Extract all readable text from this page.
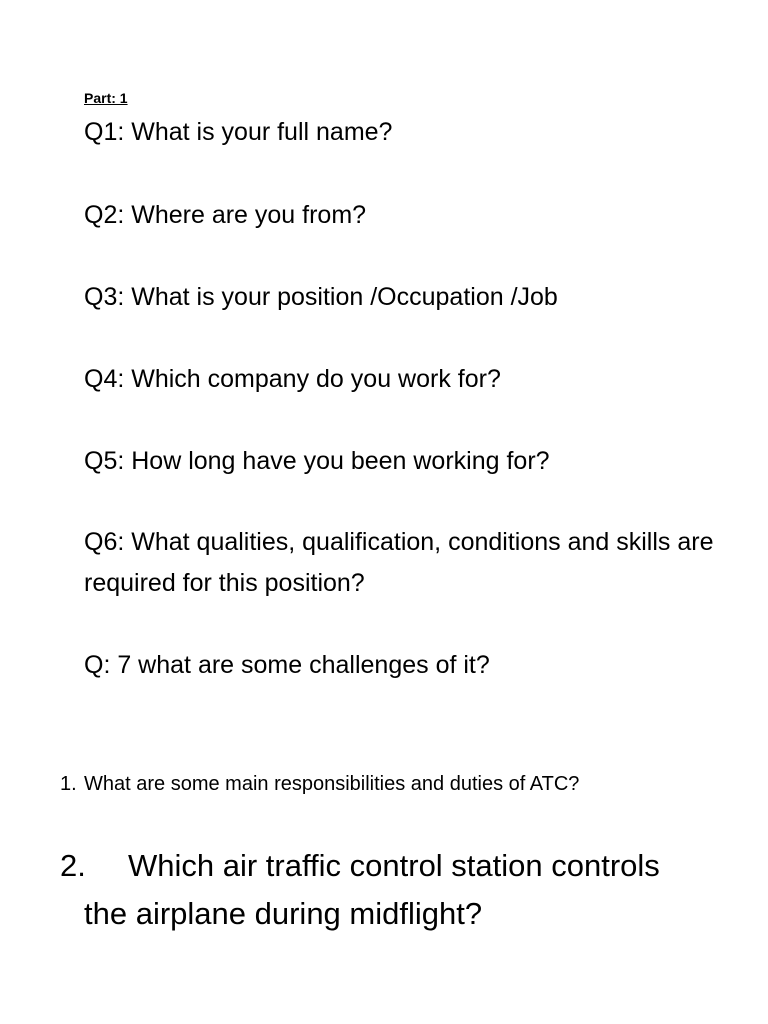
Part: 1
Q1: What is your full name?
Q2: Where are you from?
Q3: What is your position /Occupation /Job
Q4: Which company do you work for?
Q5: How long have you been working for?
Q6: What qualities, qualification, conditions and skills are required for this position?
Q: 7 what are some challenges of it?
1. What are some main responsibilities and duties of ATC?
2. Which air traffic control station controls
the airplane during midflight?
